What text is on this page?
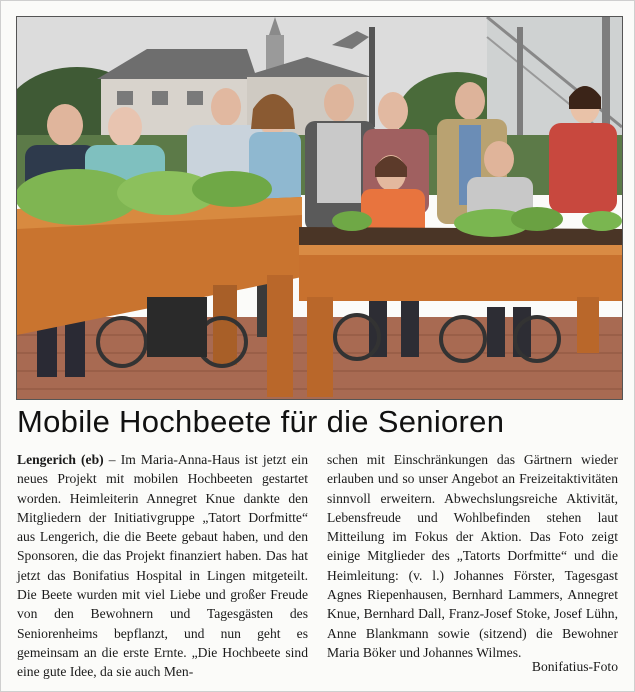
Mobile Hochbeete für die Senioren
Lengerich (eb) – Im Maria-Anna-Haus ist jetzt ein neues Projekt mit mobilen Hochbeeten gestartet worden. Heimleiterin Annegret Knue dankte den Mitgliedern der Initiativgruppe „Tatort Dorfmitte“ aus Lengerich, die die Beete gebaut haben, und den Sponsoren, die das Projekt finanziert haben. Das hat jetzt das Bonifatius Hospital in Lingen mitgeteilt. Die Beete wurden mit viel Liebe und großer Freude von den Bewohnern und Tagesgästen des Seniorenheims bepflanzt, und nun geht es gemeinsam an die erste Ernte. „Die Hochbeete sind eine gute Idee, da sie auch Men-
schen mit Einschränkungen das Gärtnern wieder erlauben und so unser Angebot an Freizeitaktivitäten sinnvoll erweitern. Abwechslungsreiche Aktivität, Lebensfreude und Wohlbefinden stehen laut Mitteilung im Fokus der Aktion. Das Foto zeigt einige Mitglieder des „Tatorts Dorfmitte“ und die Heimleitung: (v. l.) Johannes Förster, Tagesgast Agnes Riepenhausen, Bernhard Lammers, Annegret Knue, Bernhard Dall, Franz-Josef Stoke, Josef Lühn, Anne Blankmann sowie (sitzend) die Bewohner Maria Böker und Johannes Wilmes.
Bonifatius-Foto
